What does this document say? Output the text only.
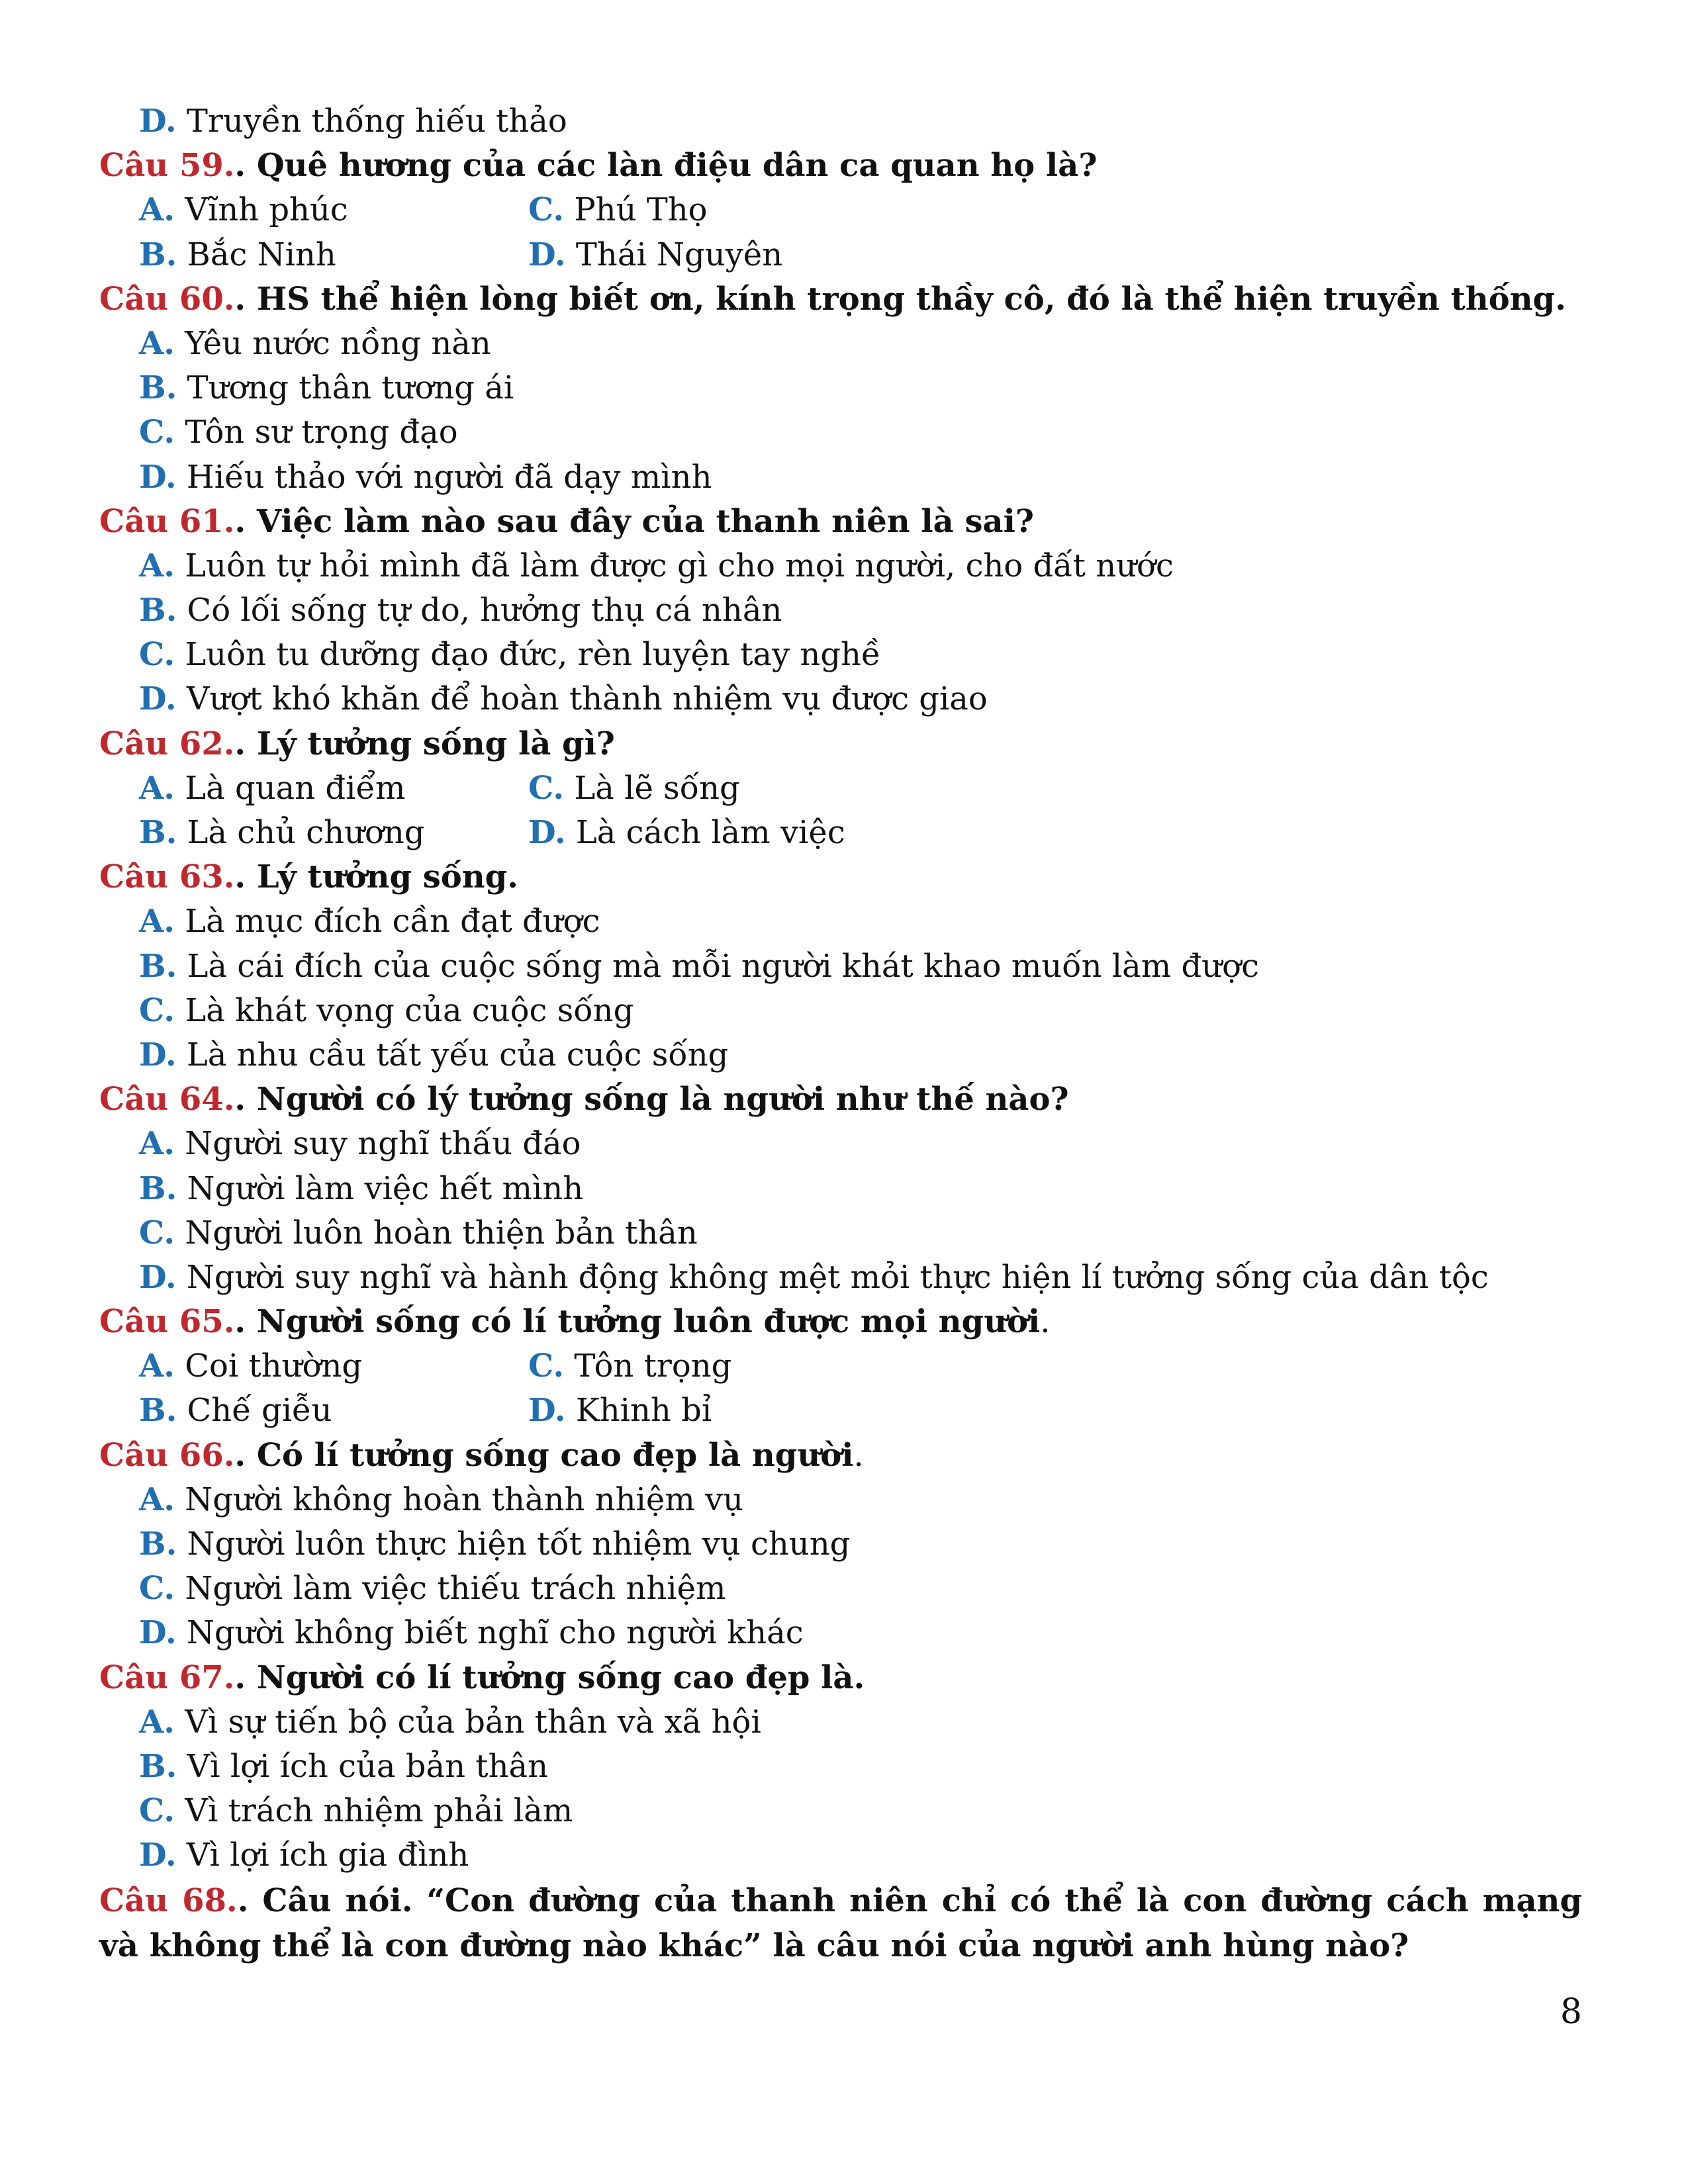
D. Truyền thống hiếu thảo
Câu 59.. Quê hương của các làn điệu dân ca quan họ là?
A. Vĩnh phúc	C. Phú Thọ
B. Bắc Ninh	D. Thái Nguyên
Câu 60.. HS thể hiện lòng biết ơn, kính trọng thầy cô, đó là thể hiện truyền thống.
A. Yêu nước nồng nàn
B. Tương thân tương ái
C. Tôn sư trọng đạo
D. Hiếu thảo với người đã dạy mình
Câu 61.. Việc làm nào sau đây của thanh niên là sai?
A. Luôn tự hỏi mình đã làm được gì cho mọi người, cho đất nước
B. Có lối sống tự do, hưởng thụ cá nhân
C. Luôn tu dưỡng đạo đức, rèn luyện tay nghề
D. Vượt khó khăn để hoàn thành nhiệm vụ được giao
Câu 62.. Lý tưởng sống là gì?
A. Là quan điểm	C. Là lẽ sống
B. Là chủ chương	D. Là cách làm việc
Câu 63.. Lý tưởng sống.
A. Là mục đích cần đạt được
B. Là cái đích của cuộc sống mà mỗi người khát khao muốn làm được
C. Là khát vọng của cuộc sống
D. Là nhu cầu tất yếu của cuộc sống
Câu 64.. Người có lý tưởng sống là người như thế nào?
A. Người suy nghĩ thấu đáo
B. Người làm việc hết mình
C. Người luôn hoàn thiện bản thân
D. Người suy nghĩ và hành động không mệt mỏi thực hiện lí tưởng sống của dân tộc
Câu 65.. Người sống có lí tưởng luôn được mọi người.
A. Coi thường	C. Tôn trọng
B. Chế giễu	D. Khinh bỉ
Câu 66.. Có lí tưởng sống cao đẹp là người.
A. Người không hoàn thành nhiệm vụ
B. Người luôn thực hiện tốt nhiệm vụ chung
C. Người làm việc thiếu trách nhiệm
D. Người không biết nghĩ cho người khác
Câu 67.. Người có lí tưởng sống cao đẹp là.
A. Vì sự tiến bộ của bản thân và xã hội
B. Vì lợi ích của bản thân
C. Vì trách nhiệm phải làm
D. Vì lợi ích gia đình
Câu 68.. Câu nói. “Con đường của thanh niên chỉ có thể là con đường cách mạng và không thể là con đường nào khác” là câu nói của người anh hùng nào?
8
